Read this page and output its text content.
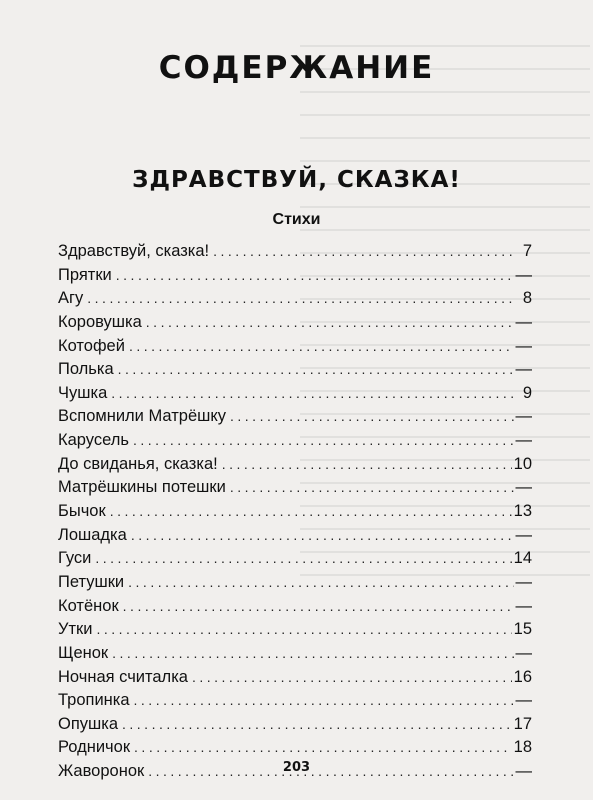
СОДЕРЖАНИЕ
ЗДРАВСТВУЙ, СКАЗКА!
Стихи
Здравствуй, сказка! .....	7
Прятки .....	—
Агу .....	8
Коровушка .....	—
Котофей .....	—
Полька .....	—
Чушка .....	9
Вспомнили Матрёшку .....	—
Карусель .....	—
До свиданья, сказка! .....	10
Матрёшкины потешки .....	—
Бычок .....	13
Лошадка .....	—
Гуси .....	14
Петушки .....	—
Котёнок .....	—
Утки .....	15
Щенок .....	—
Ночная считалка .....	16
Тропинка .....	—
Опушка .....	17
Родничок .....	18
Жаворонок .....	—
203
